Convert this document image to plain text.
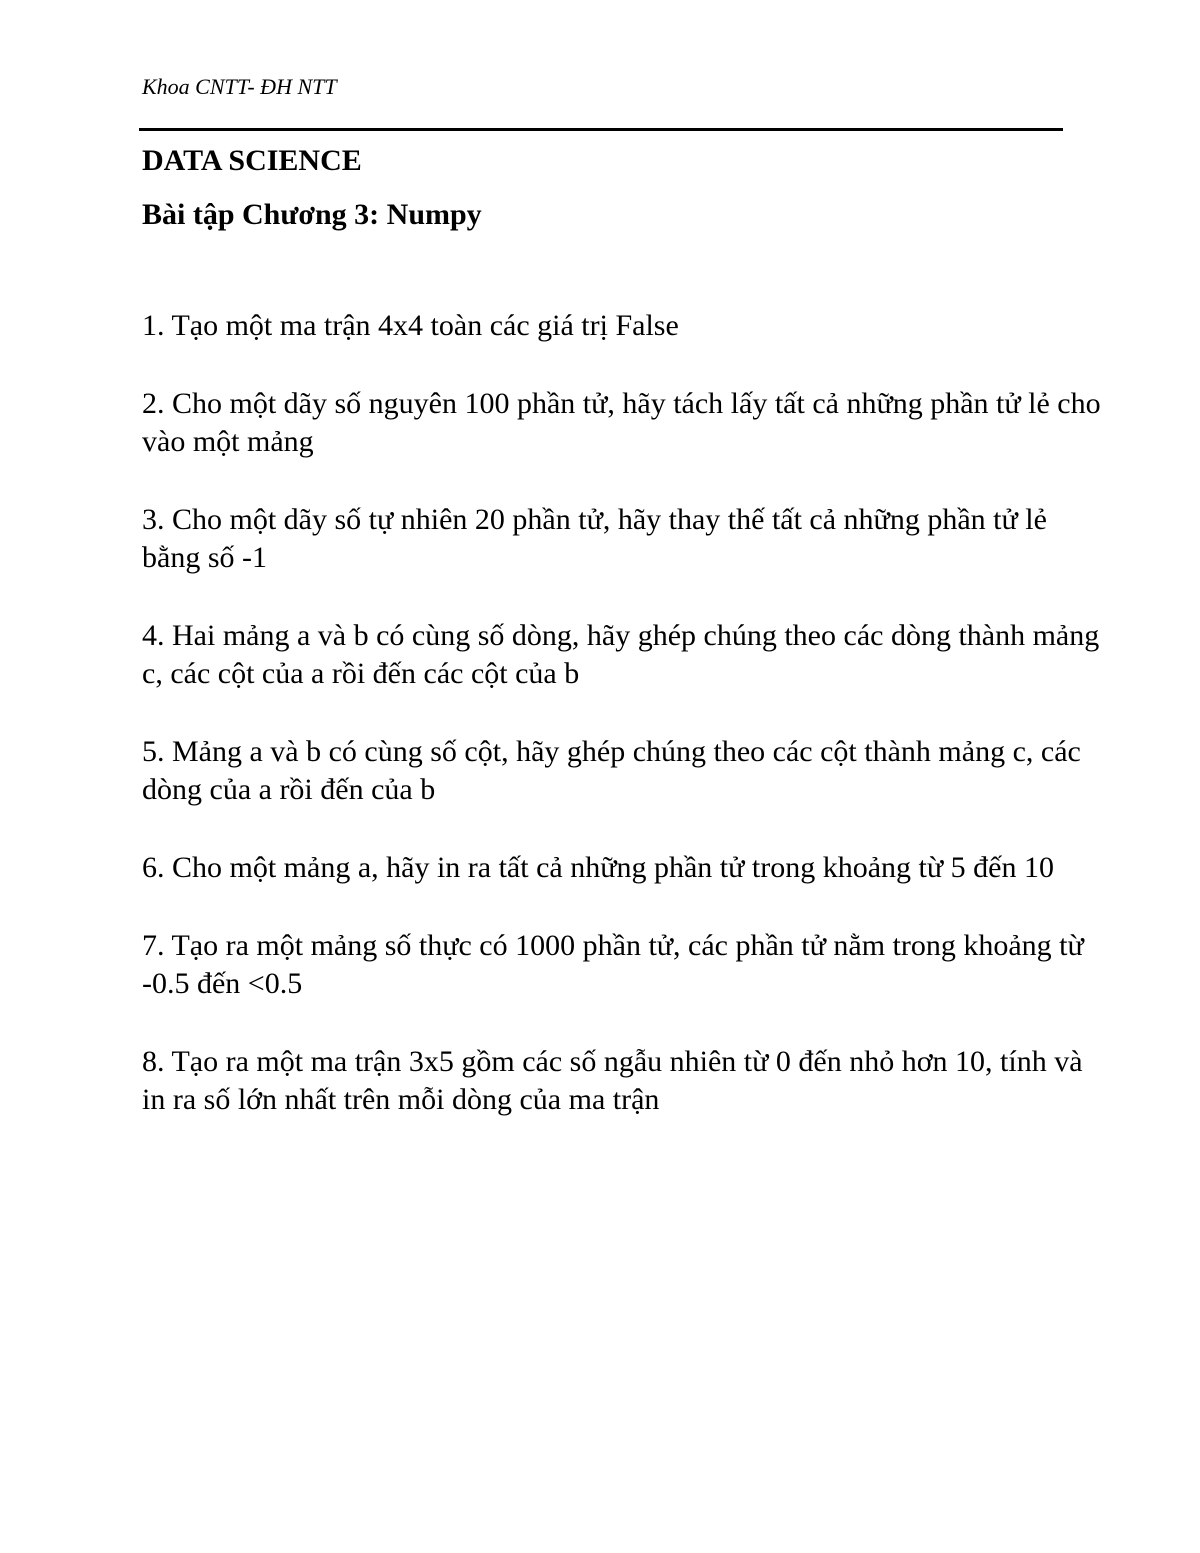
Khoa CNTT- ĐH NTT
DATA SCIENCE
Bài tập Chương 3: Numpy
1. Tạo một ma trận 4x4 toàn các giá trị False
2. Cho một dãy số nguyên 100 phần tử, hãy tách lấy tất cả những phần tử lẻ cho vào một mảng
3. Cho một dãy số tự nhiên 20 phần tử, hãy thay thế tất cả những phần tử lẻ bằng số -1
4. Hai mảng a và b có cùng số dòng, hãy ghép chúng theo các dòng thành mảng c, các cột của a rồi đến các cột của b
5. Mảng a và b có cùng số cột, hãy ghép chúng theo các cột thành mảng c, các dòng của a rồi đến của b
6. Cho một mảng a, hãy in ra tất cả những phần tử trong khoảng từ 5 đến 10
7. Tạo ra một mảng số thực có 1000 phần tử, các phần tử nằm trong khoảng từ -0.5 đến <0.5
8. Tạo ra một ma trận 3x5 gồm các số ngẫu nhiên từ 0 đến nhỏ hơn 10, tính và in ra số lớn nhất trên mỗi dòng của ma trận
